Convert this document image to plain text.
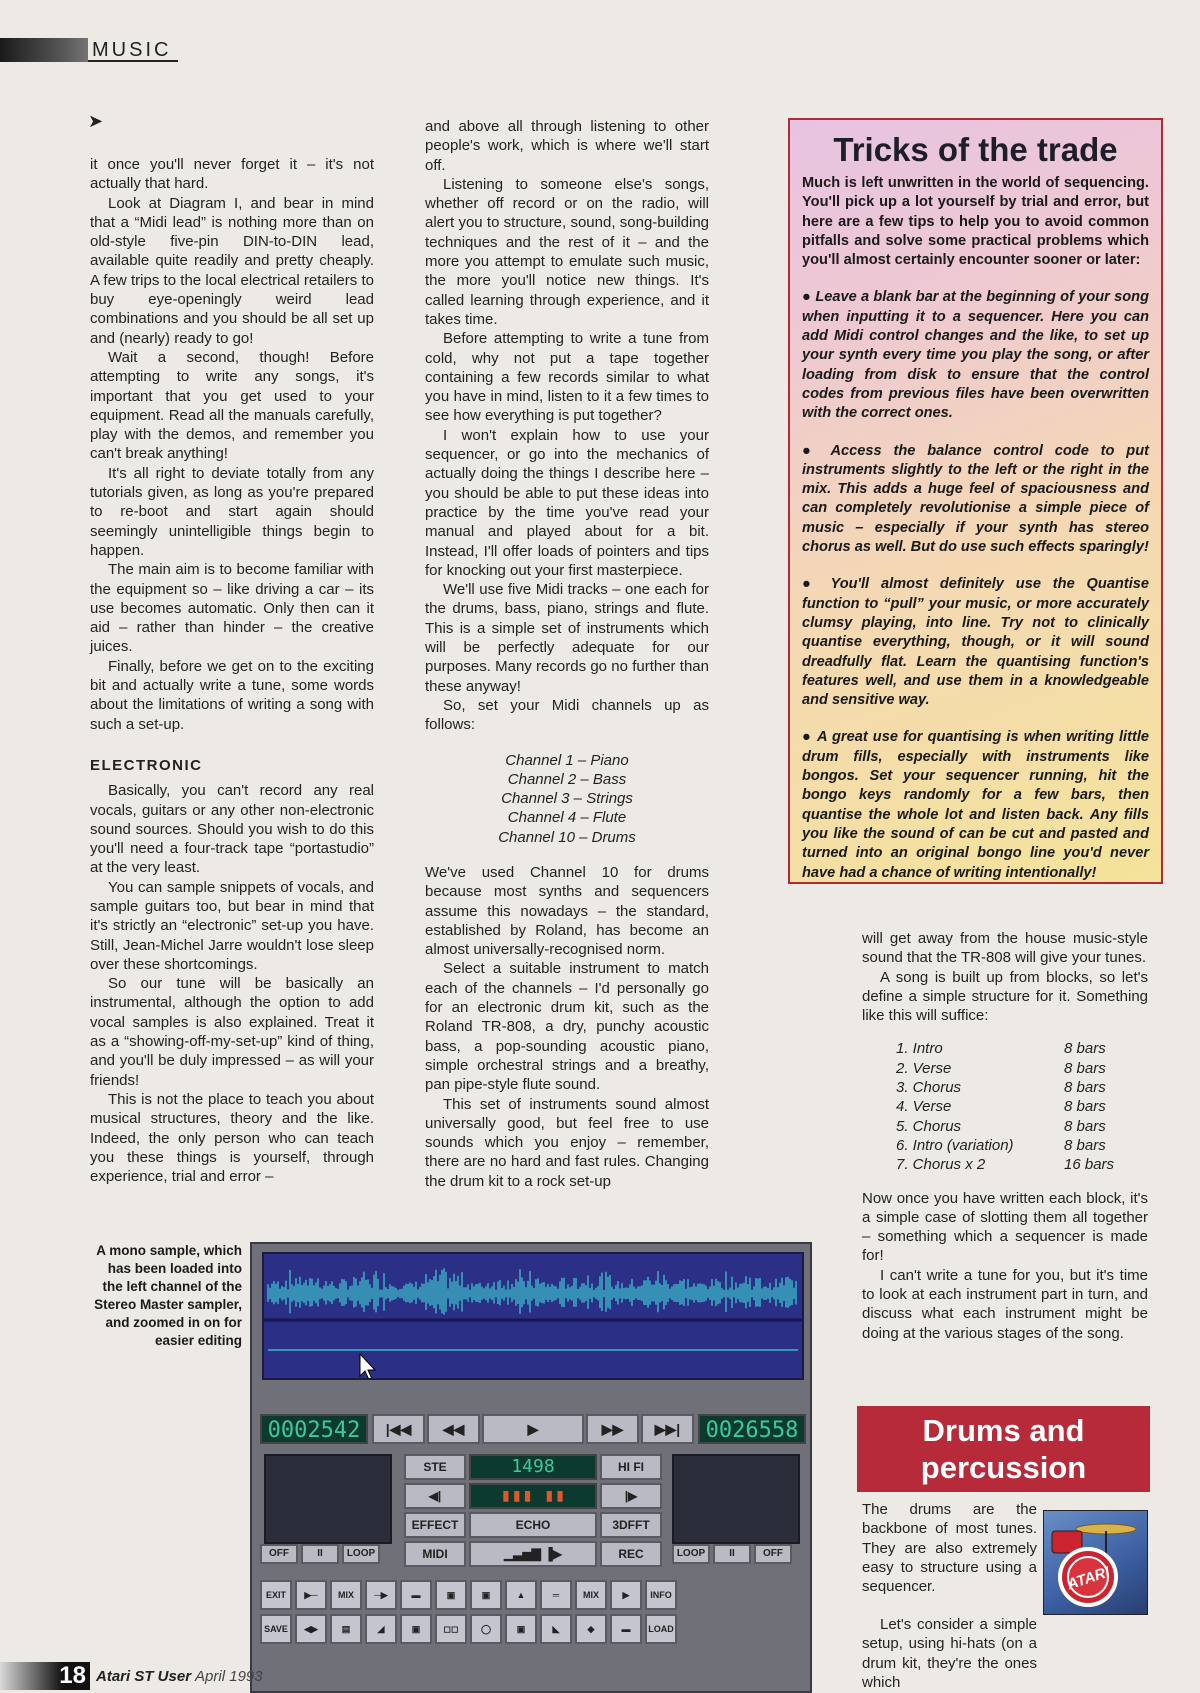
MUSIC
➤

it once you'll never forget it – it's not actually that hard.

Look at Diagram I, and bear in mind that a “Midi lead” is nothing more than on old-style five-pin DIN-to-DIN lead, available quite readily and pretty cheaply. A few trips to the local electrical retailers to buy eye-openingly weird lead combinations and you should be all set up and (nearly) ready to go!

Wait a second, though! Before attempting to write any songs, it's important that you get used to your equipment. Read all the manuals carefully, play with the demos, and remember you can't break anything!

It's all right to deviate totally from any tutorials given, as long as you're prepared to re-boot and start again should seemingly unintelligible things begin to happen.

The main aim is to become familiar with the equipment so – like driving a car – its use becomes automatic. Only then can it aid – rather than hinder – the creative juices.

Finally, before we get on to the exciting bit and actually write a tune, some words about the limitations of writing a song with such a set-up.

ELECTRONIC

Basically, you can't record any real vocals, guitars or any other non-electronic sound sources. Should you wish to do this you'll need a four-track tape “portastudio” at the very least.

You can sample snippets of vocals, and sample guitars too, but bear in mind that it's strictly an “electronic” set-up you have. Still, Jean-Michel Jarre wouldn't lose sleep over these shortcomings.

So our tune will be basically an instrumental, although the option to add vocal samples is also explained. Treat it as a “showing-off-my-set-up” kind of thing, and you'll be duly impressed – as will your friends!

This is not the place to teach you about musical structures, theory and the like. Indeed, the only person who can teach you these things is yourself, through experience, trial and error –

and above all through listening to other people's work, which is where we'll start off.

Listening to someone else's songs, whether off record or on the radio, will alert you to structure, sound, song-building techniques and the rest of it – and the more you attempt to emulate such music, the more you'll notice new things. It's called learning through experience, and it takes time.

Before attempting to write a tune from cold, why not put a tape together containing a few records similar to what you have in mind, listen to it a few times to see how everything is put together?

I won't explain how to use your sequencer, or go into the mechanics of actually doing the things I describe here – you should be able to put these ideas into practice by the time you've read your manual and played about for a bit. Instead, I'll offer loads of pointers and tips for knocking out your first masterpiece.

We'll use five Midi tracks – one each for the drums, bass, piano, strings and flute. This is a simple set of instruments which will be perfectly adequate for our purposes. Many records go no further than these anyway!

So, set your Midi channels up as follows:

Channel 1 – Piano
Channel 2 – Bass
Channel 3 – Strings
Channel 4 – Flute
Channel 10 – Drums

We've used Channel 10 for drums because most synths and sequencers assume this nowadays – the standard, established by Roland, has become an almost universally-recognised norm.

Select a suitable instrument to match each of the channels – I'd personally go for an electronic drum kit, such as the Roland TR-808, a dry, punchy acoustic bass, a pop-sounding acoustic piano, simple orchestral strings and a breathy, pan pipe-style flute sound.

This set of instruments sound almost universally good, but feel free to use sounds which you enjoy – remember, there are no hard and fast rules. Changing the drum kit to a rock set-up

Tricks of the trade

Much is left unwritten in the world of sequencing. You'll pick up a lot yourself by trial and error, but here are a few tips to help you to avoid common pitfalls and solve some practical problems which you'll almost certainly encounter sooner or later:

● Leave a blank bar at the beginning of your song when inputting it to a sequencer. Here you can add Midi control changes and the like, to set up your synth every time you play the song, or after loading from disk to ensure that the control codes from previous files have been overwritten with the correct ones.

● Access the balance control code to put instruments slightly to the left or the right in the mix. This adds a huge feel of spaciousness and can completely revolutionise a simple piece of music – especially if your synth has stereo chorus as well. But do use such effects sparingly!

● You'll almost definitely use the Quantise function to “pull” your music, or more accurately clumsy playing, into line. Try not to clinically quantise everything, though, or it will sound dreadfully flat. Learn the quantising function's features well, and use them in a knowledgeable and sensitive way.

● A great use for quantising is when writing little drum fills, especially with instruments like bongos. Set your sequencer running, hit the bongo keys randomly for a few bars, then quantise the whole lot and listen back. Any fills you like the sound of can be cut and pasted and turned into an original bongo line you'd never have had a chance of writing intentionally!

will get away from the house music-style sound that the TR-808 will give your tunes.

A song is built up from blocks, so let's define a simple structure for it. Something like this will suffice:

1. Intro	8 bars
2. Verse	8 bars
3. Chorus	8 bars
4. Verse	8 bars
5. Chorus	8 bars
6. Intro (variation)	8 bars
7. Chorus x 2	16 bars

Now once you have written each block, it's a simple case of slotting them all together – something which a sequencer is made for!

I can't write a tune for you, but it's time to look at each instrument part in turn, and discuss what each instrument might be doing at the various stages of the song.

Drums and
percussion

The drums are the backbone of most tunes. They are also extremely easy to structure using a sequencer.

Let's consider a simple setup, using hi-hats (on a drum kit, they're the ones which

ATARI
A mono sample, which has been loaded into the left channel of the Stereo Master sampler, and zoomed in on for easier editing
0002542	|◀◀	◀◀	▶	▶▶	▶▶|	0026558
STE	1498	HI FI
◀|	▮▮▮ ▮▮	|▶
EFFECT	ECHO	3DFFT
MIDI	▁▃▅▇ ▐▶	REC
OFF	II	LOOP	LOOP	II	OFF
EXIT	▶─	MIX	─▶	▬	▣	▣	▲	═	MIX	▶	INFO
SAVE	◀▶	▤	◢	▣	◻◻	◯	▣	◣	◆	▬	LOAD
18 Atari ST User April 1993
